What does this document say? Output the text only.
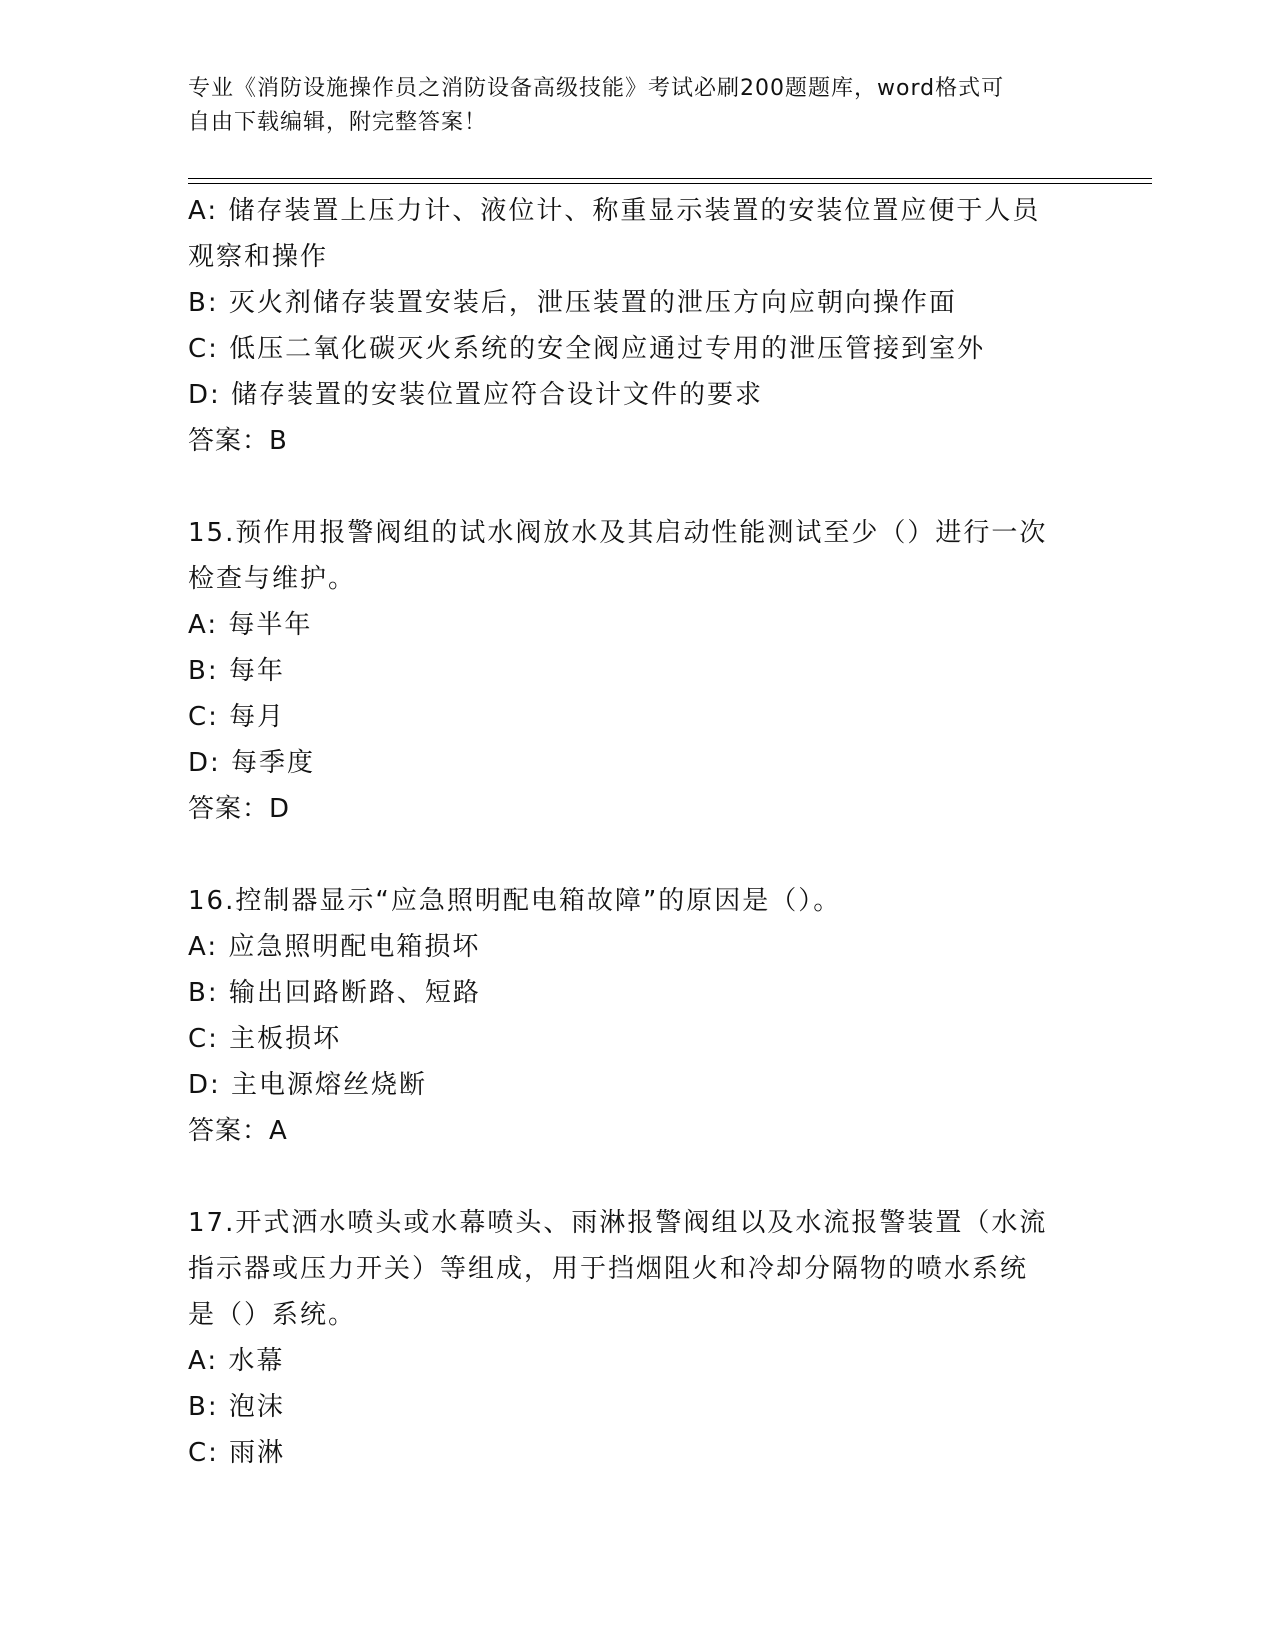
专业《消防设施操作员之消防设备高级技能》考试必刷200题题库，word格式可
自由下载编辑，附完整答案！
A: 储存装置上压力计、液位计、称重显示装置的安装位置应便于人员
观察和操作
B: 灭火剂储存装置安装后，泄压装置的泄压方向应朝向操作面
C: 低压二氧化碳灭火系统的安全阀应通过专用的泄压管接到室外
D: 储存装置的安装位置应符合设计文件的要求
答案：B
15.预作用报警阀组的试水阀放水及其启动性能测试至少（）进行一次
检查与维护。
A: 每半年
B: 每年
C: 每月
D: 每季度
答案：D
16.控制器显示“应急照明配电箱故障”的原因是（）。
A: 应急照明配电箱损坏
B: 输出回路断路、短路
C: 主板损坏
D: 主电源熔丝烧断
答案：A
17.开式洒水喷头或水幕喷头、雨淋报警阀组以及水流报警装置（水流
指示器或压力开关）等组成，用于挡烟阻火和冷却分隔物的喷水系统
是（）系统。
A: 水幕
B: 泡沫
C: 雨淋
